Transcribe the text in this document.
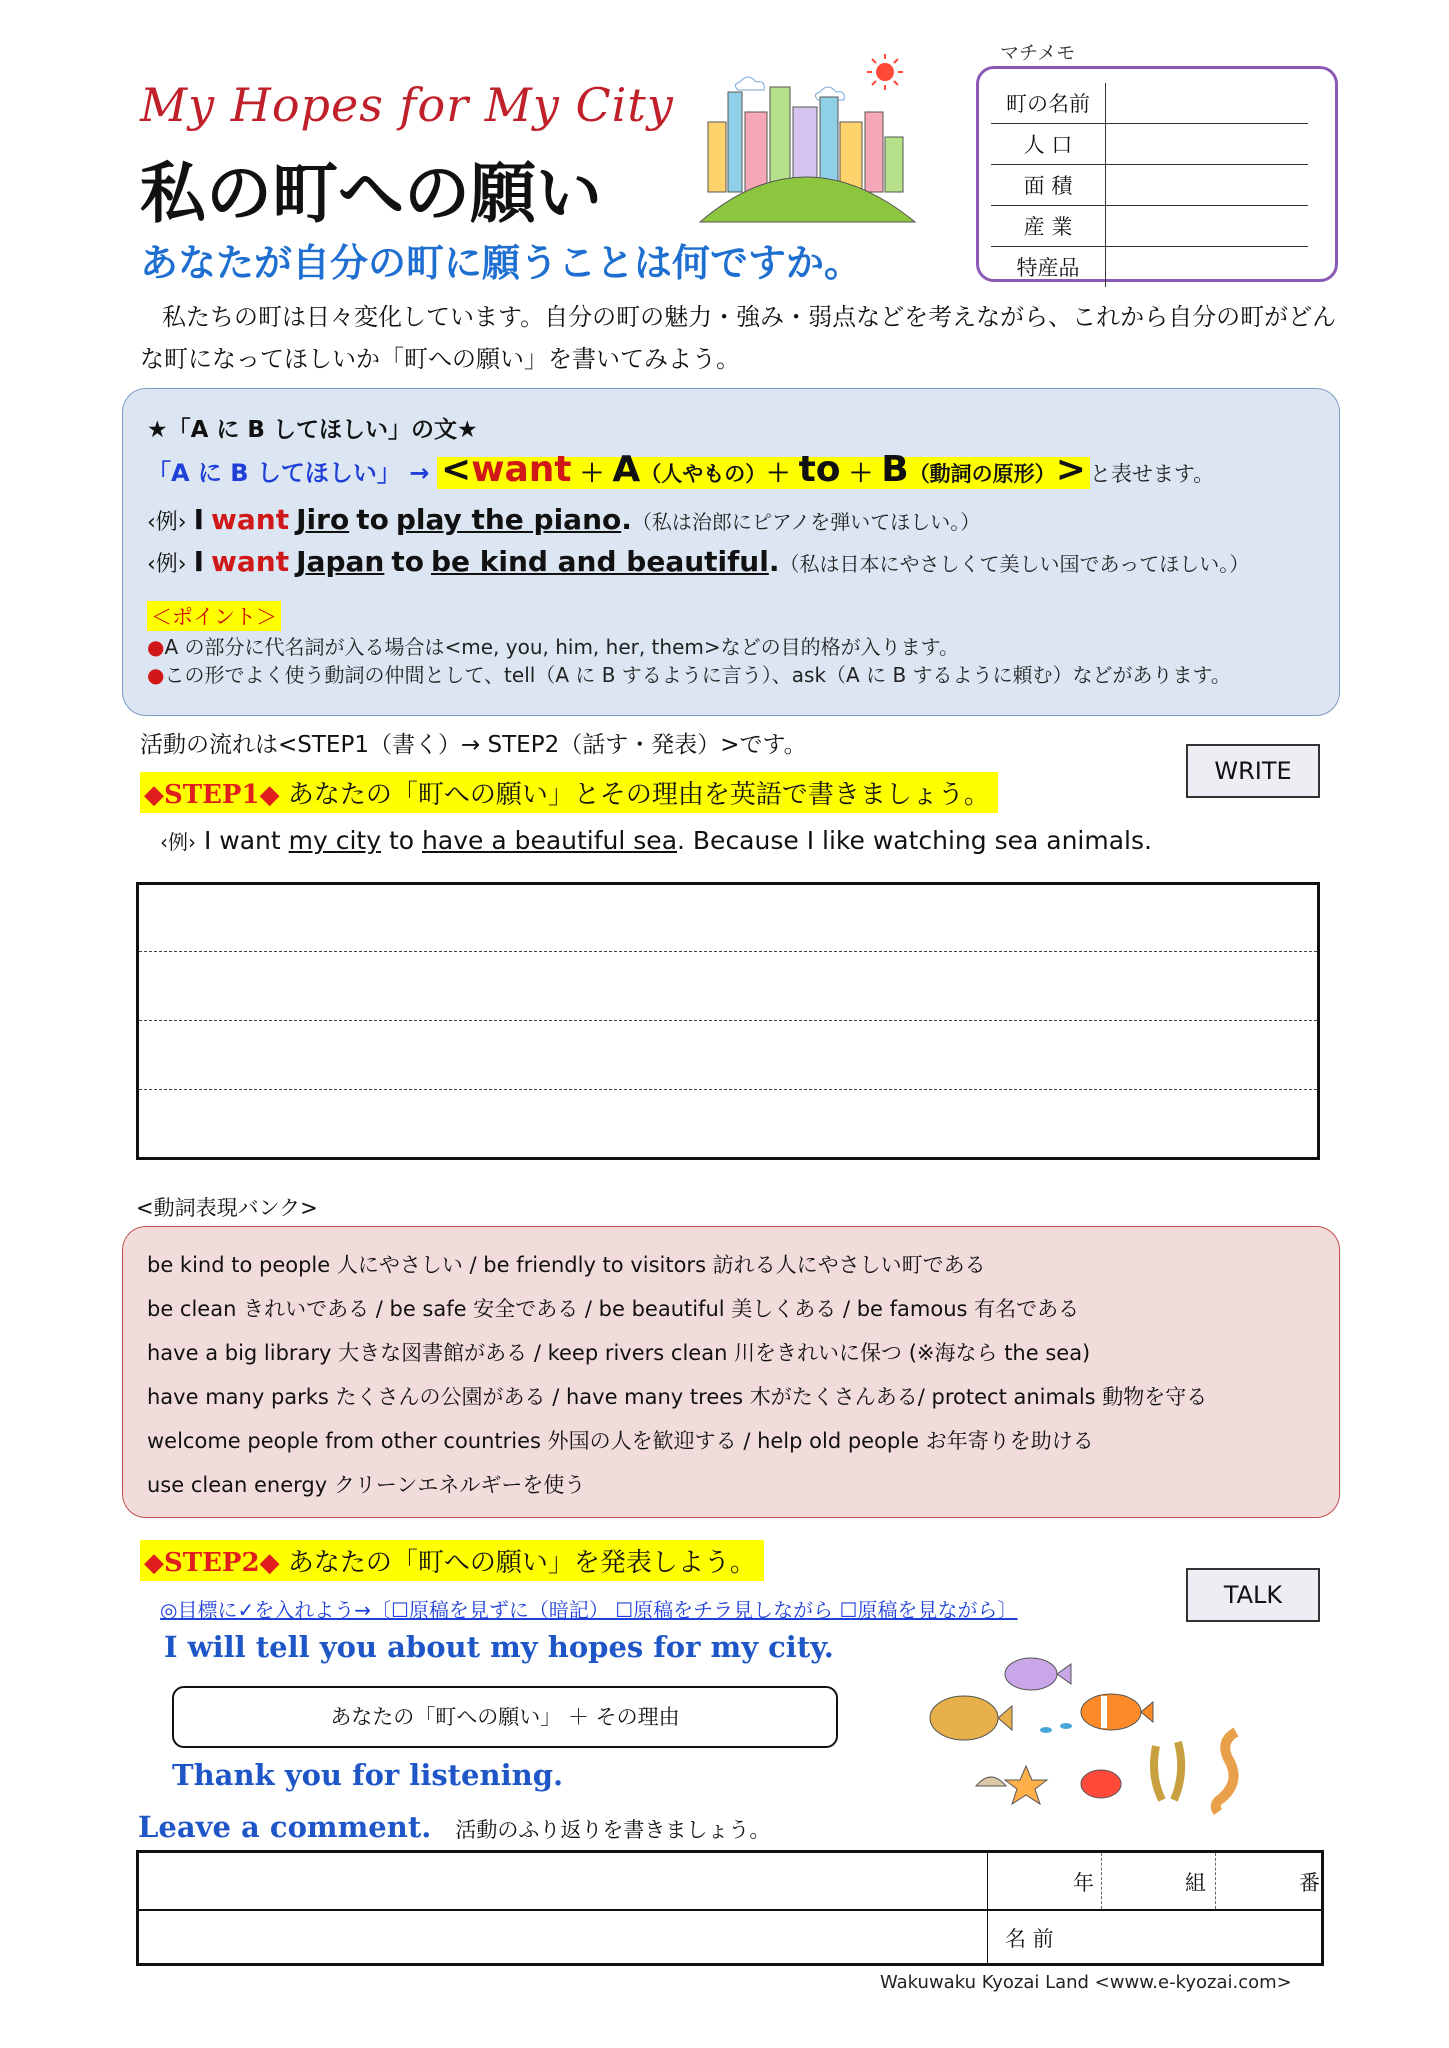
My Hopes for My City
私の町への願い
マチメモ
町の名前	
人 口	
面 積	
産 業	
特産品	
あなたが自分の町に願うことは何ですか。
私たちの町は日々変化しています。自分の町の魅力・強み・弱点などを考えながら、これから自分の町がどんな町になってほしいか「町への願い」を書いてみよう。
★「A に B してほしい」の文★
「A に B してほしい」 → <want ＋ A（人やもの）＋ to ＋ B（動詞の原形）> と表せます。
‹例› I want Jiro to play the piano.（私は治郎にピアノを弾いてほしい。）
‹例› I want Japan to be kind and beautiful.（私は日本にやさしくて美しい国であってほしい。）
＜ポイント＞
●A の部分に代名詞が入る場合は<me, you, him, her, them>などの目的格が入ります。
●この形でよく使う動詞の仲間として、tell（A に B するように言う）、ask（A に B するように頼む）などがあります。
活動の流れは<STEP1（書く）→ STEP2（話す・発表）>です。
◆STEP1◆ あなたの「町への願い」とその理由を英語で書きましょう。
WRITE
‹例› I want my city to have a beautiful sea. Because I like watching sea animals.
<動詞表現バンク>
be kind to people 人にやさしい / be friendly to visitors 訪れる人にやさしい町である
be clean きれいである / be safe 安全である / be beautiful 美しくある / be famous 有名である
have a big library 大きな図書館がある / keep rivers clean 川をきれいに保つ (※海なら the sea)
have many parks たくさんの公園がある / have many trees 木がたくさんある/ protect animals 動物を守る
welcome people from other countries 外国の人を歓迎する / help old people お年寄りを助ける
use clean energy クリーンエネルギーを使う
◆STEP2◆ あなたの「町への願い」を発表しよう。
TALK
◎目標に✓を入れよう→〔☐原稿を見ずに（暗記） ☐原稿をチラ見しながら ☐原稿を見ながら〕
I will tell you about my hopes for my city.
あなたの「町への願い」 ＋ その理由
Thank you for listening.
Leave a comment. 活動のふり返りを書きましょう。
年	組	番
名 前
Wakuwaku Kyozai Land <www.e-kyozai.com>
